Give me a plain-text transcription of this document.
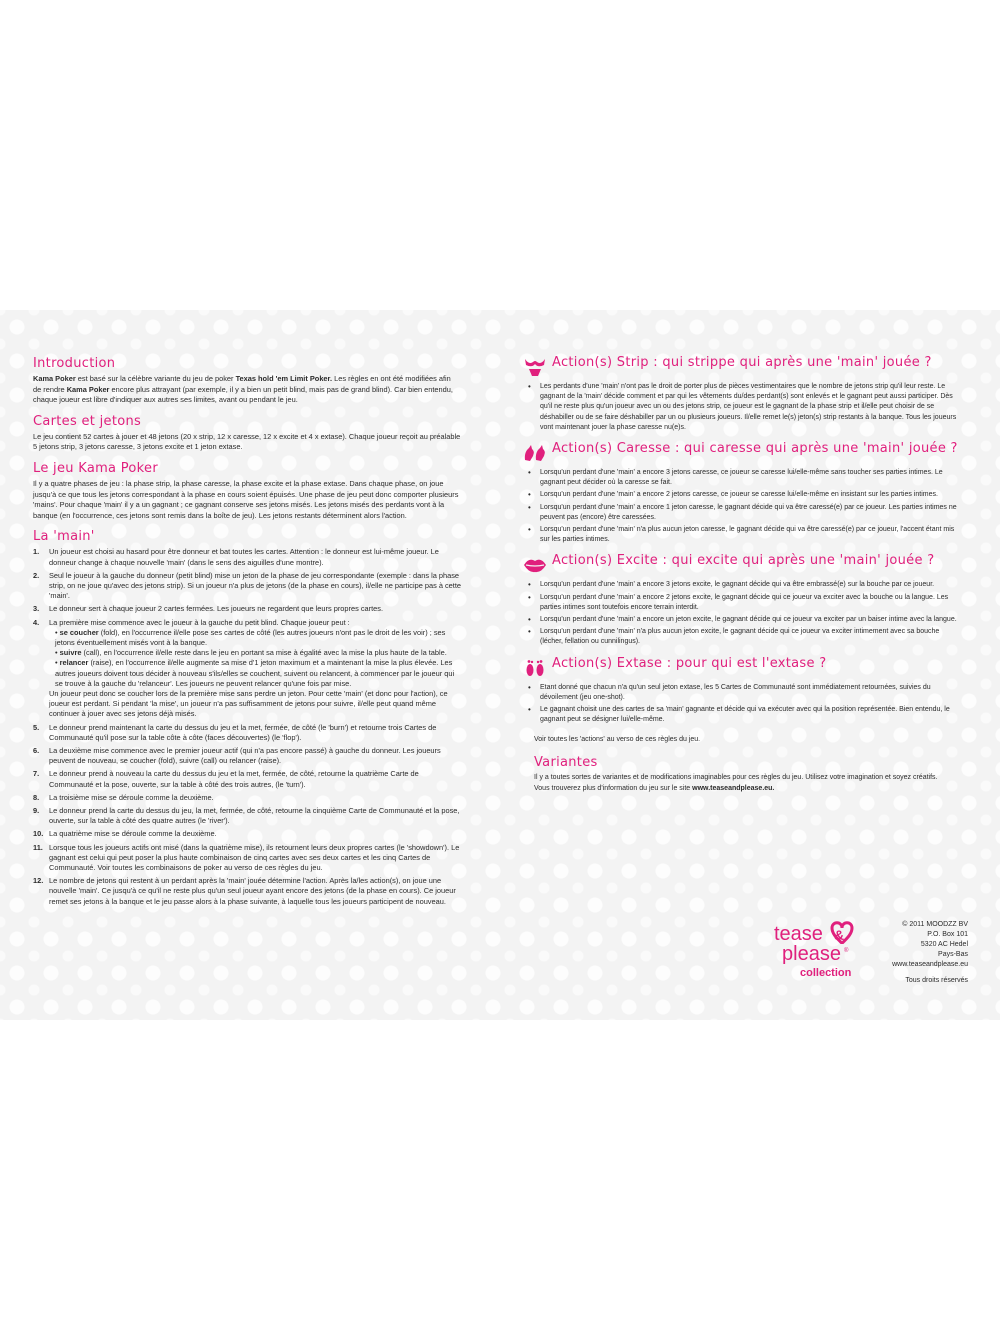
Introduction

Kama Poker est basé sur la célèbre variante du jeu de poker Texas hold 'em Limit Poker. Les règles en ont été modifiées afin de rendre Kama Poker encore plus attrayant (par exemple, il y a bien un petit blind, mais pas de grand blind). Car bien entendu, chaque joueur est libre d'indiquer aux autres ses limites, avant ou pendant le jeu.

Cartes et jetons

Le jeu contient 52 cartes à jouer et 48 jetons (20 x strip, 12 x caresse, 12 x excite et 4 x extase). Chaque joueur reçoit au préalable 5 jetons strip, 3 jetons caresse, 3 jetons excite et 1 jeton extase.

Le jeu Kama Poker

Il y a quatre phases de jeu : la phase strip, la phase caresse, la phase excite et la phase extase. Dans chaque phase, on joue jusqu'à ce que tous les jetons correspondant à la phase en cours soient épuisés. Une phase de jeu peut donc comporter plusieurs 'mains'. Pour chaque 'main' il y a un gagnant ; ce gagnant conserve ses jetons misés. Les jetons misés des perdants vont à la banque (en l'occurrence, ces jetons sont remis dans la boîte de jeu). Les jetons restants déterminent alors l'action.

La 'main'
1. Un joueur est choisi au hasard pour être donneur et bat toutes les cartes. Attention : le donneur est lui-même joueur. Le donneur change à chaque nouvelle 'main' (dans le sens des aiguilles d'une montre).
2. Seul le joueur à la gauche du donneur (petit blind) mise un jeton de la phase de jeu correspondante (exemple : dans la phase strip, on ne joue qu'avec des jetons strip). Si un joueur n'a plus de jetons (de la phase en cours), il/elle ne participe pas à cette 'main'.
3. Le donneur sert à chaque joueur 2 cartes fermées. Les joueurs ne regardent que leurs propres cartes.
4. La première mise commence avec le joueur à la gauche du petit blind. Chaque joueur peut :
• se coucher (fold), en l'occurrence il/elle pose ses cartes de côté (les autres joueurs n'ont pas le droit de les voir) ; ses jetons éventuellement misés vont à la banque.
• suivre (call), en l'occurrence il/elle reste dans le jeu en portant sa mise à égalité avec la mise la plus haute de la table.
• relancer (raise), en l'occurrence il/elle augmente sa mise d'1 jeton maximum et a maintenant la mise la plus élevée. Les autres joueurs doivent tous décider à nouveau s'ils/elles se couchent, suivent ou relancent, à commencer par le joueur qui se trouve à la gauche du 'relanceur'. Les joueurs ne peuvent relancer qu'une fois par mise.
Un joueur peut donc se coucher lors de la première mise sans perdre un jeton. Pour cette 'main' (et donc pour l'action), ce joueur est perdant. Si pendant 'la mise', un joueur n'a pas suffisamment de jetons pour suivre, il/elle peut quand même continuer à jouer avec ses jetons déjà misés.
5. Le donneur prend maintenant la carte du dessus du jeu et la met, fermée, de côté (le 'burn') et retourne trois Cartes de Communauté qu'il pose sur la table côte à côte (faces découvertes) (le 'flop').
6. La deuxième mise commence avec le premier joueur actif (qui n'a pas encore passé) à gauche du donneur. Les joueurs peuvent de nouveau, se coucher (fold), suivre (call) ou relancer (raise).
7. Le donneur prend à nouveau la carte du dessus du jeu et la met, fermée, de côté, retourne la quatrième Carte de Communauté et la pose, ouverte, sur la table à côté des trois autres, (le 'turn').
8. La troisième mise se déroule comme la deuxième.
9. Le donneur prend la carte du dessus du jeu, la met, fermée, de côté, retourne la cinquième Carte de Communauté et la pose, ouverte, sur la table à côté des quatre autres (le 'river').
10. La quatrième mise se déroule comme la deuxième.
11. Lorsque tous les joueurs actifs ont misé (dans la quatrième mise), ils retournent leurs deux propres cartes (le 'showdown'). Le gagnant est celui qui peut poser la plus haute combinaison de cinq cartes avec ses deux cartes et les cinq Cartes de Communauté. Voir toutes les combinaisons de poker au verso de ces règles du jeu.
12. Le nombre de jetons qui restent à un perdant après la 'main' jouée détermine l'action. Après la/les action(s), on joue une nouvelle 'main'. Ce jusqu'à ce qu'il ne reste plus qu'un seul joueur ayant encore des jetons (de la phase en cours). Ce joueur remet ses jetons à la banque et le jeu passe alors à la phase suivante, à laquelle tous les joueurs participent de nouveau.
Action(s) Strip : qui strippe qui après une 'main' jouée ?
• Les perdants d'une 'main' n'ont pas le droit de porter plus de pièces vestimentaires que le nombre de jetons strip qu'il leur reste. Le gagnant de la 'main' décide comment et par qui les vêtements du/des perdant(s) sont enlevés et le gagnant peut aussi participer. Dès qu'il ne reste plus qu'un joueur avec un ou des jetons strip, ce joueur est le gagnant de la phase strip et il/elle peut choisir de se déshabiller ou de se faire déshabiller par un ou plusieurs joueurs. Il/elle remet le(s) jeton(s) strip restants à la banque. Tous les joueurs vont maintenant jouer la phase caresse nu(e)s.
Action(s) Caresse : qui caresse qui après une 'main' jouée ?
• Lorsqu'un perdant d'une 'main' a encore 3 jetons caresse, ce joueur se caresse lui/elle-même sans toucher ses parties intimes. Le gagnant peut décider où la caresse se fait.
• Lorsqu'un perdant d'une 'main' a encore 2 jetons caresse, ce joueur se caresse lui/elle-même en insistant sur les parties intimes.
• Lorsqu'un perdant d'une 'main' a encore 1 jeton caresse, le gagnant décide qui va être caressé(e) par ce joueur. Les parties intimes ne peuvent pas (encore) être caressées.
• Lorsqu'un perdant d'une 'main' n'a plus aucun jeton caresse, le gagnant décide qui va être caressé(e) par ce joueur, l'accent étant mis sur les parties intimes.
Action(s) Excite : qui excite qui après une 'main' jouée ?
• Lorsqu'un perdant d'une 'main' a encore 3 jetons excite, le gagnant décide qui va être embrassé(e) sur la bouche par ce joueur.
• Lorsqu'un perdant d'une 'main' a encore 2 jetons excite, le gagnant décide qui ce joueur va exciter avec la bouche ou la langue. Les parties intimes sont toutefois encore terrain interdit.
• Lorsqu'un perdant d'une 'main' a encore un jeton excite, le gagnant décide qui ce joueur va exciter par un baiser intime avec la langue.
• Lorsqu'un perdant d'une 'main' n'a plus aucun jeton excite, le gagnant décide qui ce joueur va exciter intimement avec sa bouche (lécher, fellation ou cunnilingus).
Action(s) Extase : pour qui est l'extase ?
• Etant donné que chacun n'a qu'un seul jeton extase, les 5 Cartes de Communauté sont immédiatement retournées, suivies du dévoilement (jeu one-shot).
• Le gagnant choisit une des cartes de sa 'main' gagnante et décide qui va exécuter avec qui la position représentée. Bien entendu, le gagnant peut se désigner lui/elle-même.

Voir toutes les 'actions' au verso de ces règles du jeu.

Variantes

Il y a toutes sortes de variantes et de modifications imaginables pour ces règles du jeu. Utilisez votre imagination et soyez créatifs.
Vous trouverez plus d'information du jeu sur le site www.teaseandplease.eu.

tease &
please ®
collection
© 2011 MOODZZ BV
P.O. Box 101
5320 AC Hedel
Pays-Bas
www.teaseandplease.eu
Tous droits réservés
